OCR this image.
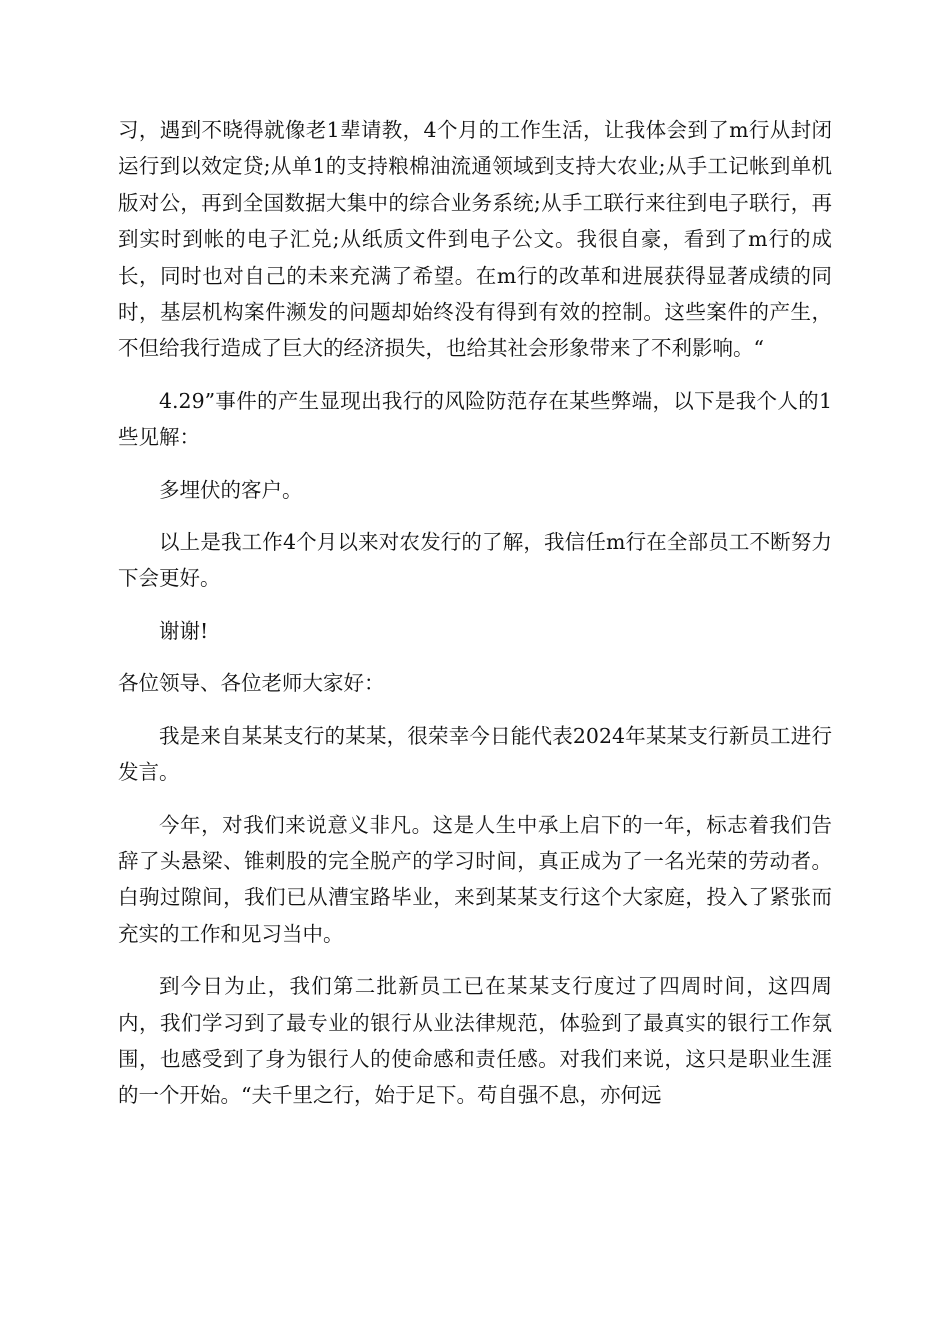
习，遇到不晓得就像老1辈请教，4个月的工作生活，让我体会到了m行从封闭运行到以效定贷;从单1的支持粮棉油流通领域到支持大农业;从手工记帐到单机版对公，再到全国数据大集中的综合业务系统;从手工联行来往到电子联行，再到实时到帐的电子汇兑;从纸质文件到电子公文。我很自豪，看到了m行的成长，同时也对自己的未来充满了希望。在m行的改革和进展获得显著成绩的同时，基层机构案件濒发的问题却始终没有得到有效的控制。这些案件的产生，不但给我行造成了巨大的经济损失，也给其社会形象带来了不利影响。“

4.29”事件的产生显现出我行的风险防范存在某些弊端，以下是我个人的1些见解：

多埋伏的客户。

以上是我工作4个月以来对农发行的了解，我信任m行在全部员工不断努力下会更好。

谢谢!

各位领导、各位老师大家好：

我是来自某某支行的某某，很荣幸今日能代表2024年某某支行新员工进行发言。

今年，对我们来说意义非凡。这是人生中承上启下的一年，标志着我们告辞了头悬梁、锥刺股的完全脱产的学习时间，真正成为了一名光荣的劳动者。白驹过隙间，我们已从漕宝路毕业，来到某某支行这个大家庭，投入了紧张而充实的工作和见习当中。

到今日为止，我们第二批新员工已在某某支行度过了四周时间，这四周内，我们学习到了最专业的银行从业法律规范，体验到了最真实的银行工作氛围，也感受到了身为银行人的使命感和责任感。对我们来说，这只是职业生涯的一个开始。“夫千里之行，始于足下。苟自强不息，亦何远
